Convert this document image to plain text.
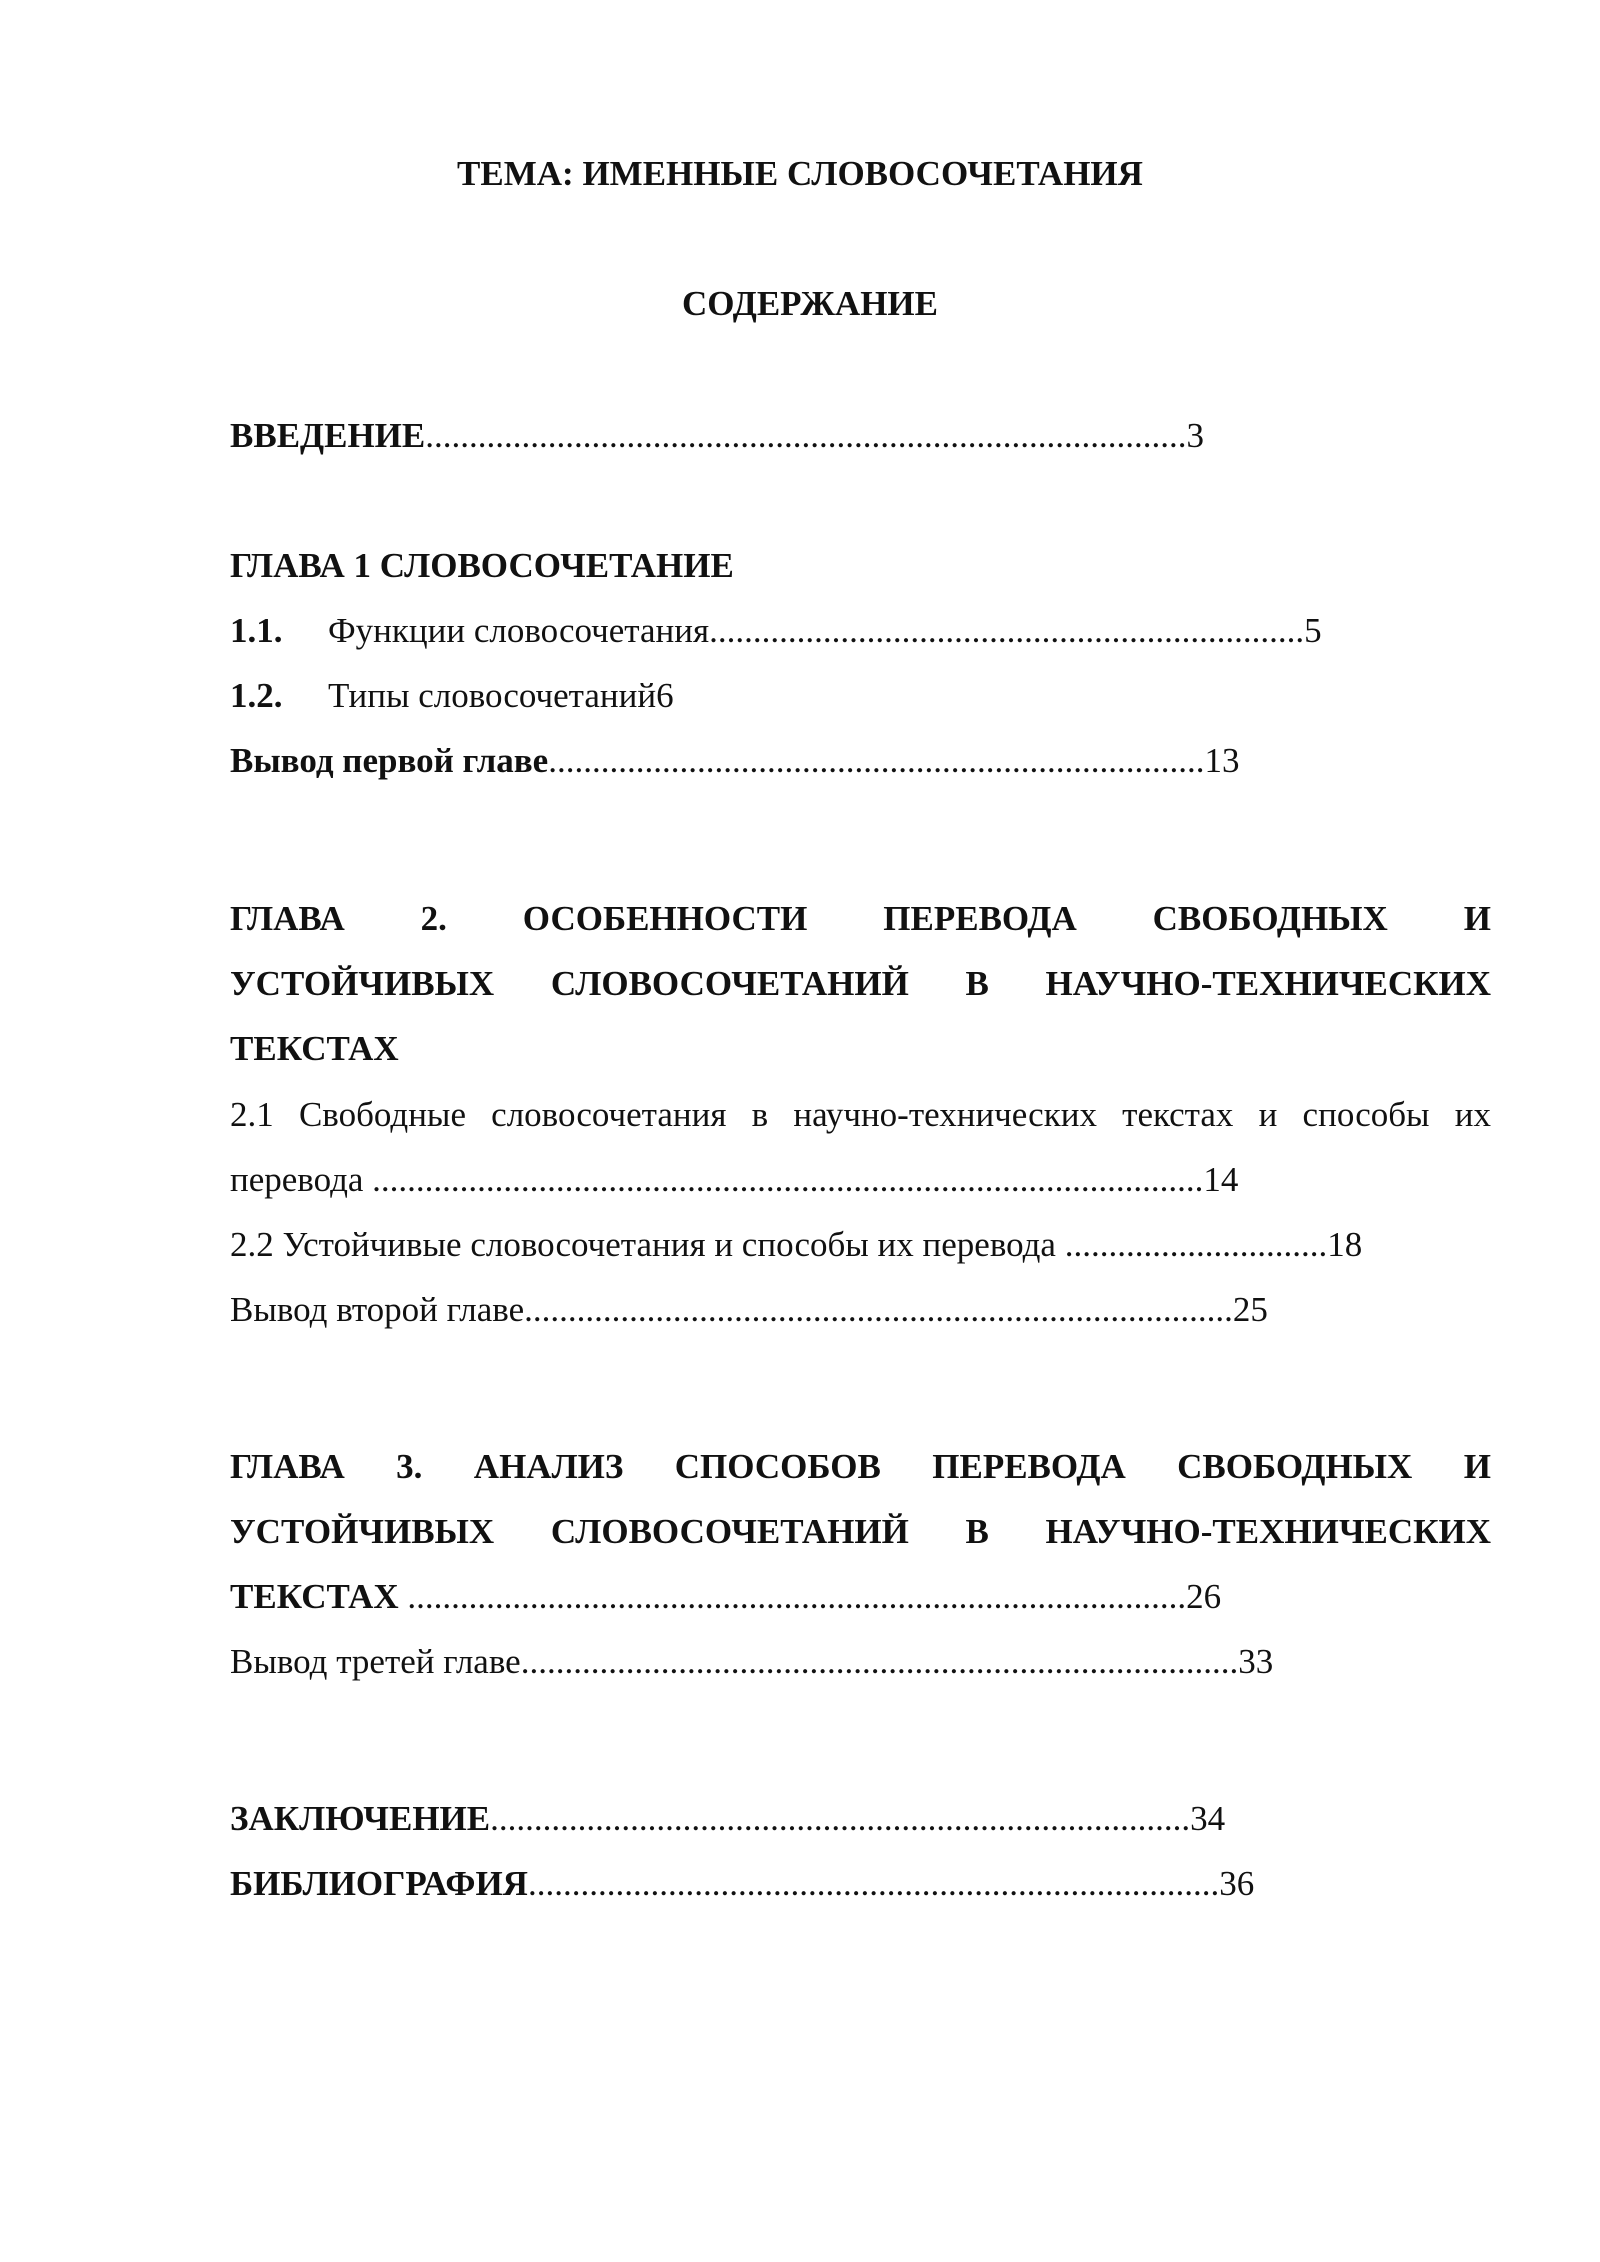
ТЕМА: ИМЕННЫЕ СЛОВОСОЧЕТАНИЯ
СОДЕРЖАНИЕ
ВВЕДЕНИЕ.......................................................................................3
ГЛАВА 1 СЛОВОСОЧЕТАНИЕ
1.1. Функции словосочетания....................................................................5
1.2. Типы словосочетаний6
Вывод первой главе...........................................................................13
ГЛАВА 2. ОСОБЕННОСТИ ПЕРЕВОДА СВОБОДНЫХ И
УСТОЙЧИВЫХ СЛОВОСОЧЕТАНИЙ В НАУЧНО-ТЕХНИЧЕСКИХ
ТЕКСТАХ
2.1 Свободные словосочетания в научно-технических текстах и способы их
перевода ...............................................................................................14
2.2 Устойчивые словосочетания и способы их перевода ..............................18
Вывод второй главе.................................................................................25
ГЛАВА 3. АНАЛИЗ СПОСОБОВ ПЕРЕВОДА СВОБОДНЫХ И
УСТОЙЧИВЫХ СЛОВОСОЧЕТАНИЙ В НАУЧНО-ТЕХНИЧЕСКИХ
ТЕКСТАХ .........................................................................................26
Вывод третей главе..................................................................................33
ЗАКЛЮЧЕНИЕ................................................................................34
БИБЛИОГРАФИЯ...............................................................................36
